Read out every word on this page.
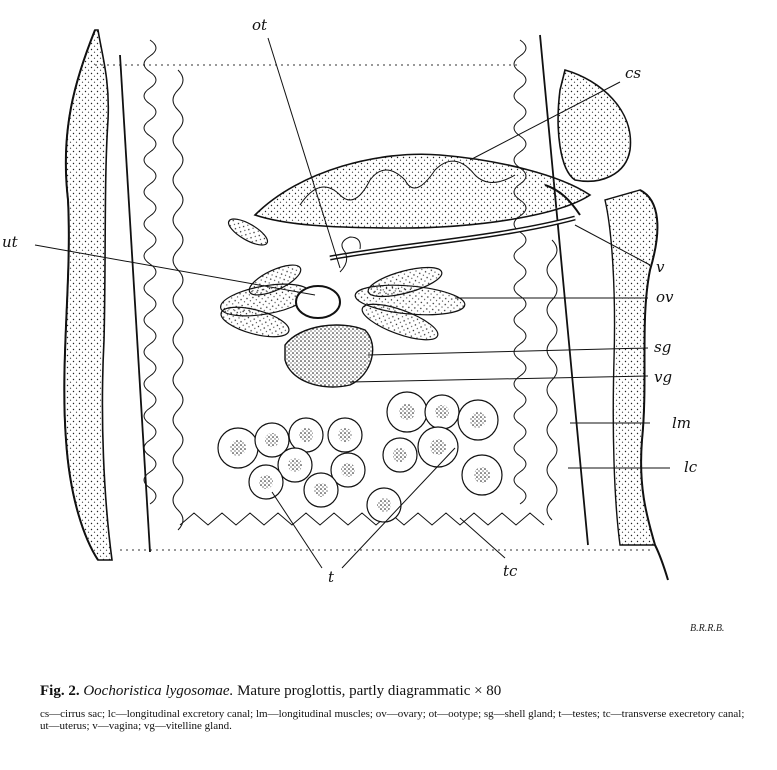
ot
cs
ut
v
ov
sg
vg
lm
lc
t	tc
B.R.R.B.
Fig. 2. Oochoristica lygosomae. Mature proglottis, partly diagrammatic × 80
cs—cirrus sac; lc—longitudinal excretory canal; lm—longitudinal muscles; ov—ovary; ot—ootype; sg—shell gland; t—testes; tc—transverse execretory canal; ut—uterus; v—vagina; vg—vitelline gland.
